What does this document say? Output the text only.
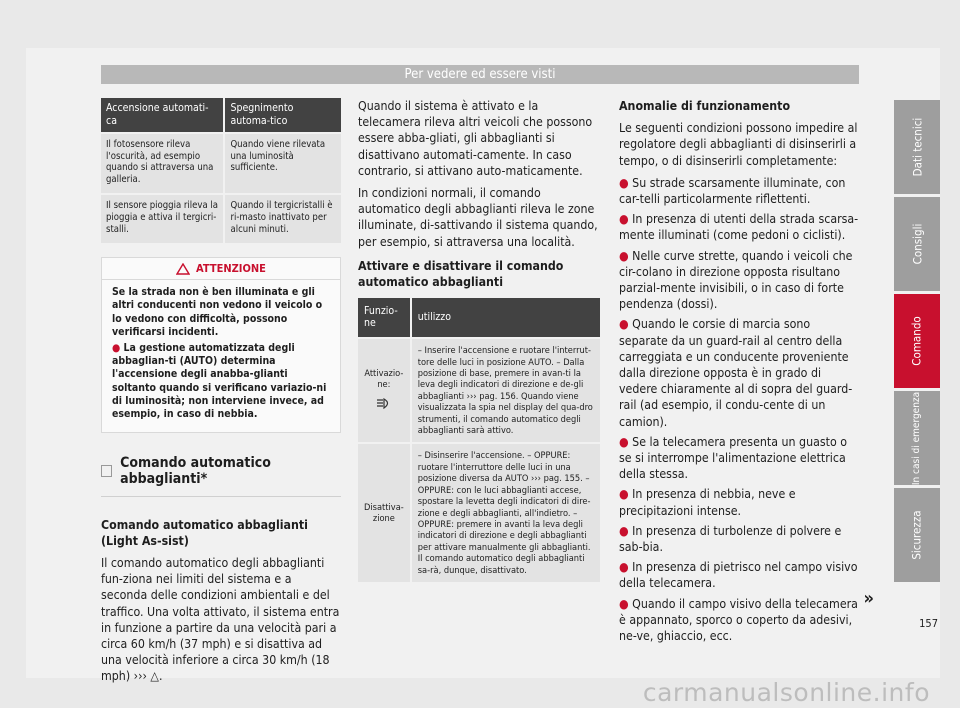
Per vedere ed essere visti
Accensione automati-ca	Spegnimento automa-tico
Il fotosensore rileva l'oscurità, ad esempio quando si attraversa una galleria.	Quando viene rilevata una luminosità sufficiente.
Il sensore pioggia rileva la pioggia e attiva il tergicri-stalli.	Quando il tergicristalli è ri-masto inattivato per alcuni minuti.
ATTENZIONE
Se la strada non è ben illuminata e gli altri conducenti non vedono il veicolo o lo vedono con difficoltà, possono verificarsi incidenti.
● La gestione automatizzata degli abbaglian-ti (AUTO) determina l'accensione degli anabba-glianti soltanto quando si verificano variazio-ni di luminosità; non interviene invece, ad esempio, in caso di nebbia.
Comando automatico abbaglianti*

Comando automatico abbaglianti (Light As-sist)

Il comando automatico degli abbaglianti fun-ziona nei limiti del sistema e a seconda delle condizioni ambientali e del traffico. Una volta attivato, il sistema entra in funzione a partire da una velocità pari a circa 60 km/h (37 mph) e si disattiva ad una velocità inferiore a circa 30 km/h (18 mph) ››› △.

Quando il sistema è attivato e la telecamera rileva altri veicoli che possono essere abba-gliati, gli abbaglianti si disattivano automati-camente. In caso contrario, si attivano auto-maticamente.

In condizioni normali, il comando automatico degli abbaglianti rileva le zone illuminate, di-sattivando il sistema quando, per esempio, si attraversa una località.

Attivare e disattivare il comando automatico abbaglianti

Funzio-ne	utilizzo

Attivazio-ne:	– Inserire l'accensione e ruotare l'interrut-tore delle luci in posizione AUTO. – Dalla posizione di base, premere in avan-ti la leva degli indicatori di direzione e de-gli abbaglianti ››› pag. 156. Quando viene visualizzata la spia nel display del qua-dro strumenti, il comando automatico degli abbaglianti sarà attivo.
Disattiva-zione	– Disinserire l'accensione. – OPPURE: ruotare l'interruttore delle luci in una posizione diversa da AUTO ››› pag. 155. – OPPURE: con le luci abbaglianti accese, spostare la levetta degli indicatori di dire-zione e degli abbaglianti, all'indietro. – OPPURE: premere in avanti la leva degli indicatori di direzione e degli abbaglianti per attivare manualmente gli abbaglianti. Il comando automatico degli abbaglianti sa-rà, dunque, disattivato.

Anomalie di funzionamento

Le seguenti condizioni possono impedire al regolatore degli abbaglianti di disinserirli a tempo, o di disinserirli completamente:

● Su strade scarsamente illuminate, con car-telli particolarmente riflettenti.
● In presenza di utenti della strada scarsa-mente illuminati (come pedoni o ciclisti).
● Nelle curve strette, quando i veicoli che cir-colano in direzione opposta risultano parzial-mente invisibili, o in caso di forte pendenza (dossi).
● Quando le corsie di marcia sono separate da un guard-rail al centro della carreggiata e un conducente proveniente dalla direzione opposta è in grado di vedere chiaramente al di sopra del guard-rail (ad esempio, il condu-cente di un camion).
● Se la telecamera presenta un guasto o se si interrompe l'alimentazione elettrica della stessa.
● In presenza di nebbia, neve e precipitazioni intense.
● In presenza di turbolenze di polvere e sab-bia.
● In presenza di pietrisco nel campo visivo della telecamera.
● Quando il campo visivo della telecamera è appannato, sporco o coperto da adesivi, ne-ve, ghiaccio, ecc.
»
157
Dati tecnici
Consigli
Comando
In casi di emergenza
Sicurezza
carmanualsonline.info
